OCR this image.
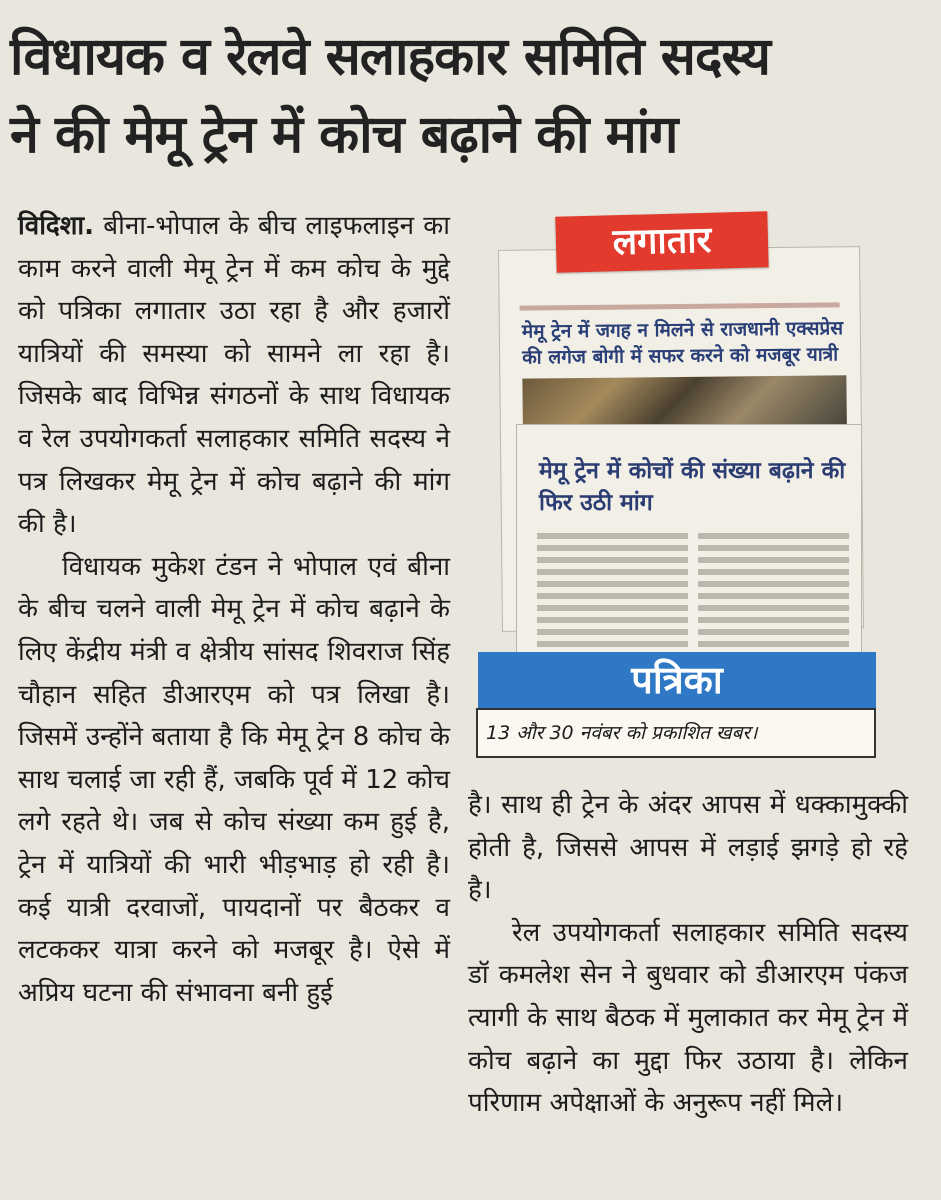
विधायक व रेलवे सलाहकार समिति सदस्य
ने की मेमू ट्रेन में कोच बढ़ाने की मांग

विदिशा. बीना-भोपाल के बीच लाइफलाइन का काम करने वाली मेमू ट्रेन में कम कोच के मुद्दे को पत्रिका लगातार उठा रहा है और हजारों यात्रियों की समस्या को सामने ला रहा है। जिसके बाद विभिन्न संगठनों के साथ विधायक व रेल उपयोगकर्ता सलाहकार समिति सदस्य ने पत्र लिखकर मेमू ट्रेन में कोच बढ़ाने की मांग की है।

विधायक मुकेश टंडन ने भोपाल एवं बीना के बीच चलने वाली मेमू ट्रेन में कोच बढ़ाने के लिए केंद्रीय मंत्री व क्षेत्रीय सांसद शिवराज सिंह चौहान सहित डीआरएम को पत्र लिखा है। जिसमें उन्होंने बताया है कि मेमू ट्रेन 8 कोच के साथ चलाई जा रही हैं, जबकि पूर्व में 12 कोच लगे रहते थे। जब से कोच संख्या कम हुई है, ट्रेन में यात्रियों की भारी भीड़भाड़ हो रही है। कई यात्री दरवाजों, पायदानों पर बैठकर व लटककर यात्रा करने को मजबूर है। ऐसे में अप्रिय घटना की संभावना बनी हुई

लगातार
मेमू ट्रेन में जगह न मिलने से राजधानी एक्सप्रेस की लगेज बोगी में सफर करने को मजबूर यात्री
मेमू ट्रेन में कोचों की संख्या बढ़ाने की फिर उठी मांग
पत्रिका
13 और 30 नवंबर को प्रकाशित खबर।

है। साथ ही ट्रेन के अंदर आपस में धक्कामुक्की होती है, जिससे आपस में लड़ाई झगड़े हो रहे है।

रेल उपयोगकर्ता सलाहकार समिति सदस्य डॉ कमलेश सेन ने बुधवार को डीआरएम पंकज त्यागी के साथ बैठक में मुलाकात कर मेमू ट्रेन में कोच बढ़ाने का मुद्दा फिर उठाया है। लेकिन परिणाम अपेक्षाओं के अनुरूप नहीं मिले।
